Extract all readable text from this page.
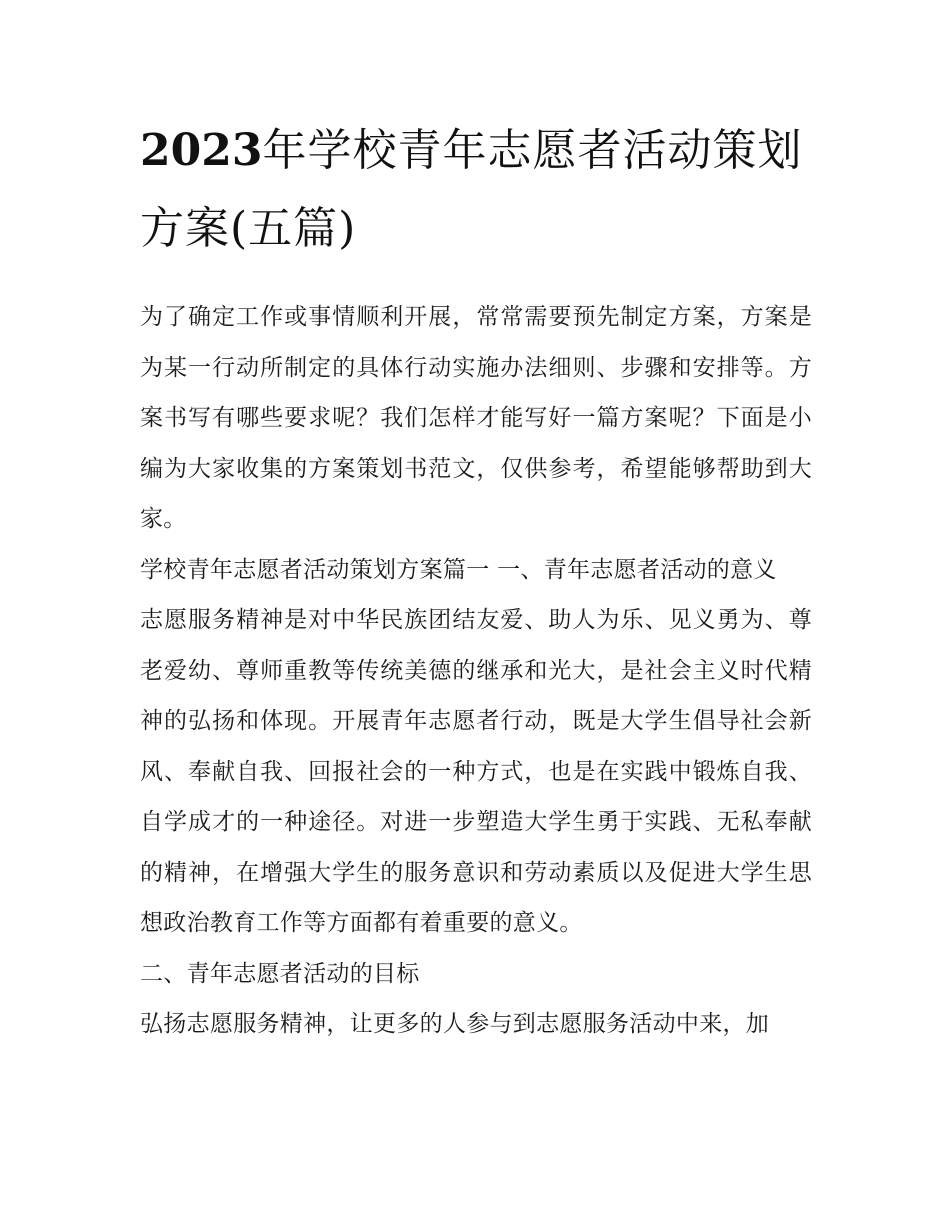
2023年学校青年志愿者活动策划方案(五篇)

为了确定工作或事情顺利开展，常常需要预先制定方案，方案是为某一行动所制定的具体行动实施办法细则、步骤和安排等。方案书写有哪些要求呢？我们怎样才能写好一篇方案呢？下面是小编为大家收集的方案策划书范文，仅供参考，希望能够帮助到大家。

学校青年志愿者活动策划方案篇一 一、青年志愿者活动的意义

志愿服务精神是对中华民族团结友爱、助人为乐、见义勇为、尊老爱幼、尊师重教等传统美德的继承和光大，是社会主义时代精神的弘扬和体现。开展青年志愿者行动，既是大学生倡导社会新风、奉献自我、回报社会的一种方式，也是在实践中锻炼自我、自学成才的一种途径。对进一步塑造大学生勇于实践、无私奉献的精神，在增强大学生的服务意识和劳动素质以及促进大学生思想政治教育工作等方面都有着重要的意义。

二、青年志愿者活动的目标

弘扬志愿服务精神，让更多的人参与到志愿服务活动中来，加
